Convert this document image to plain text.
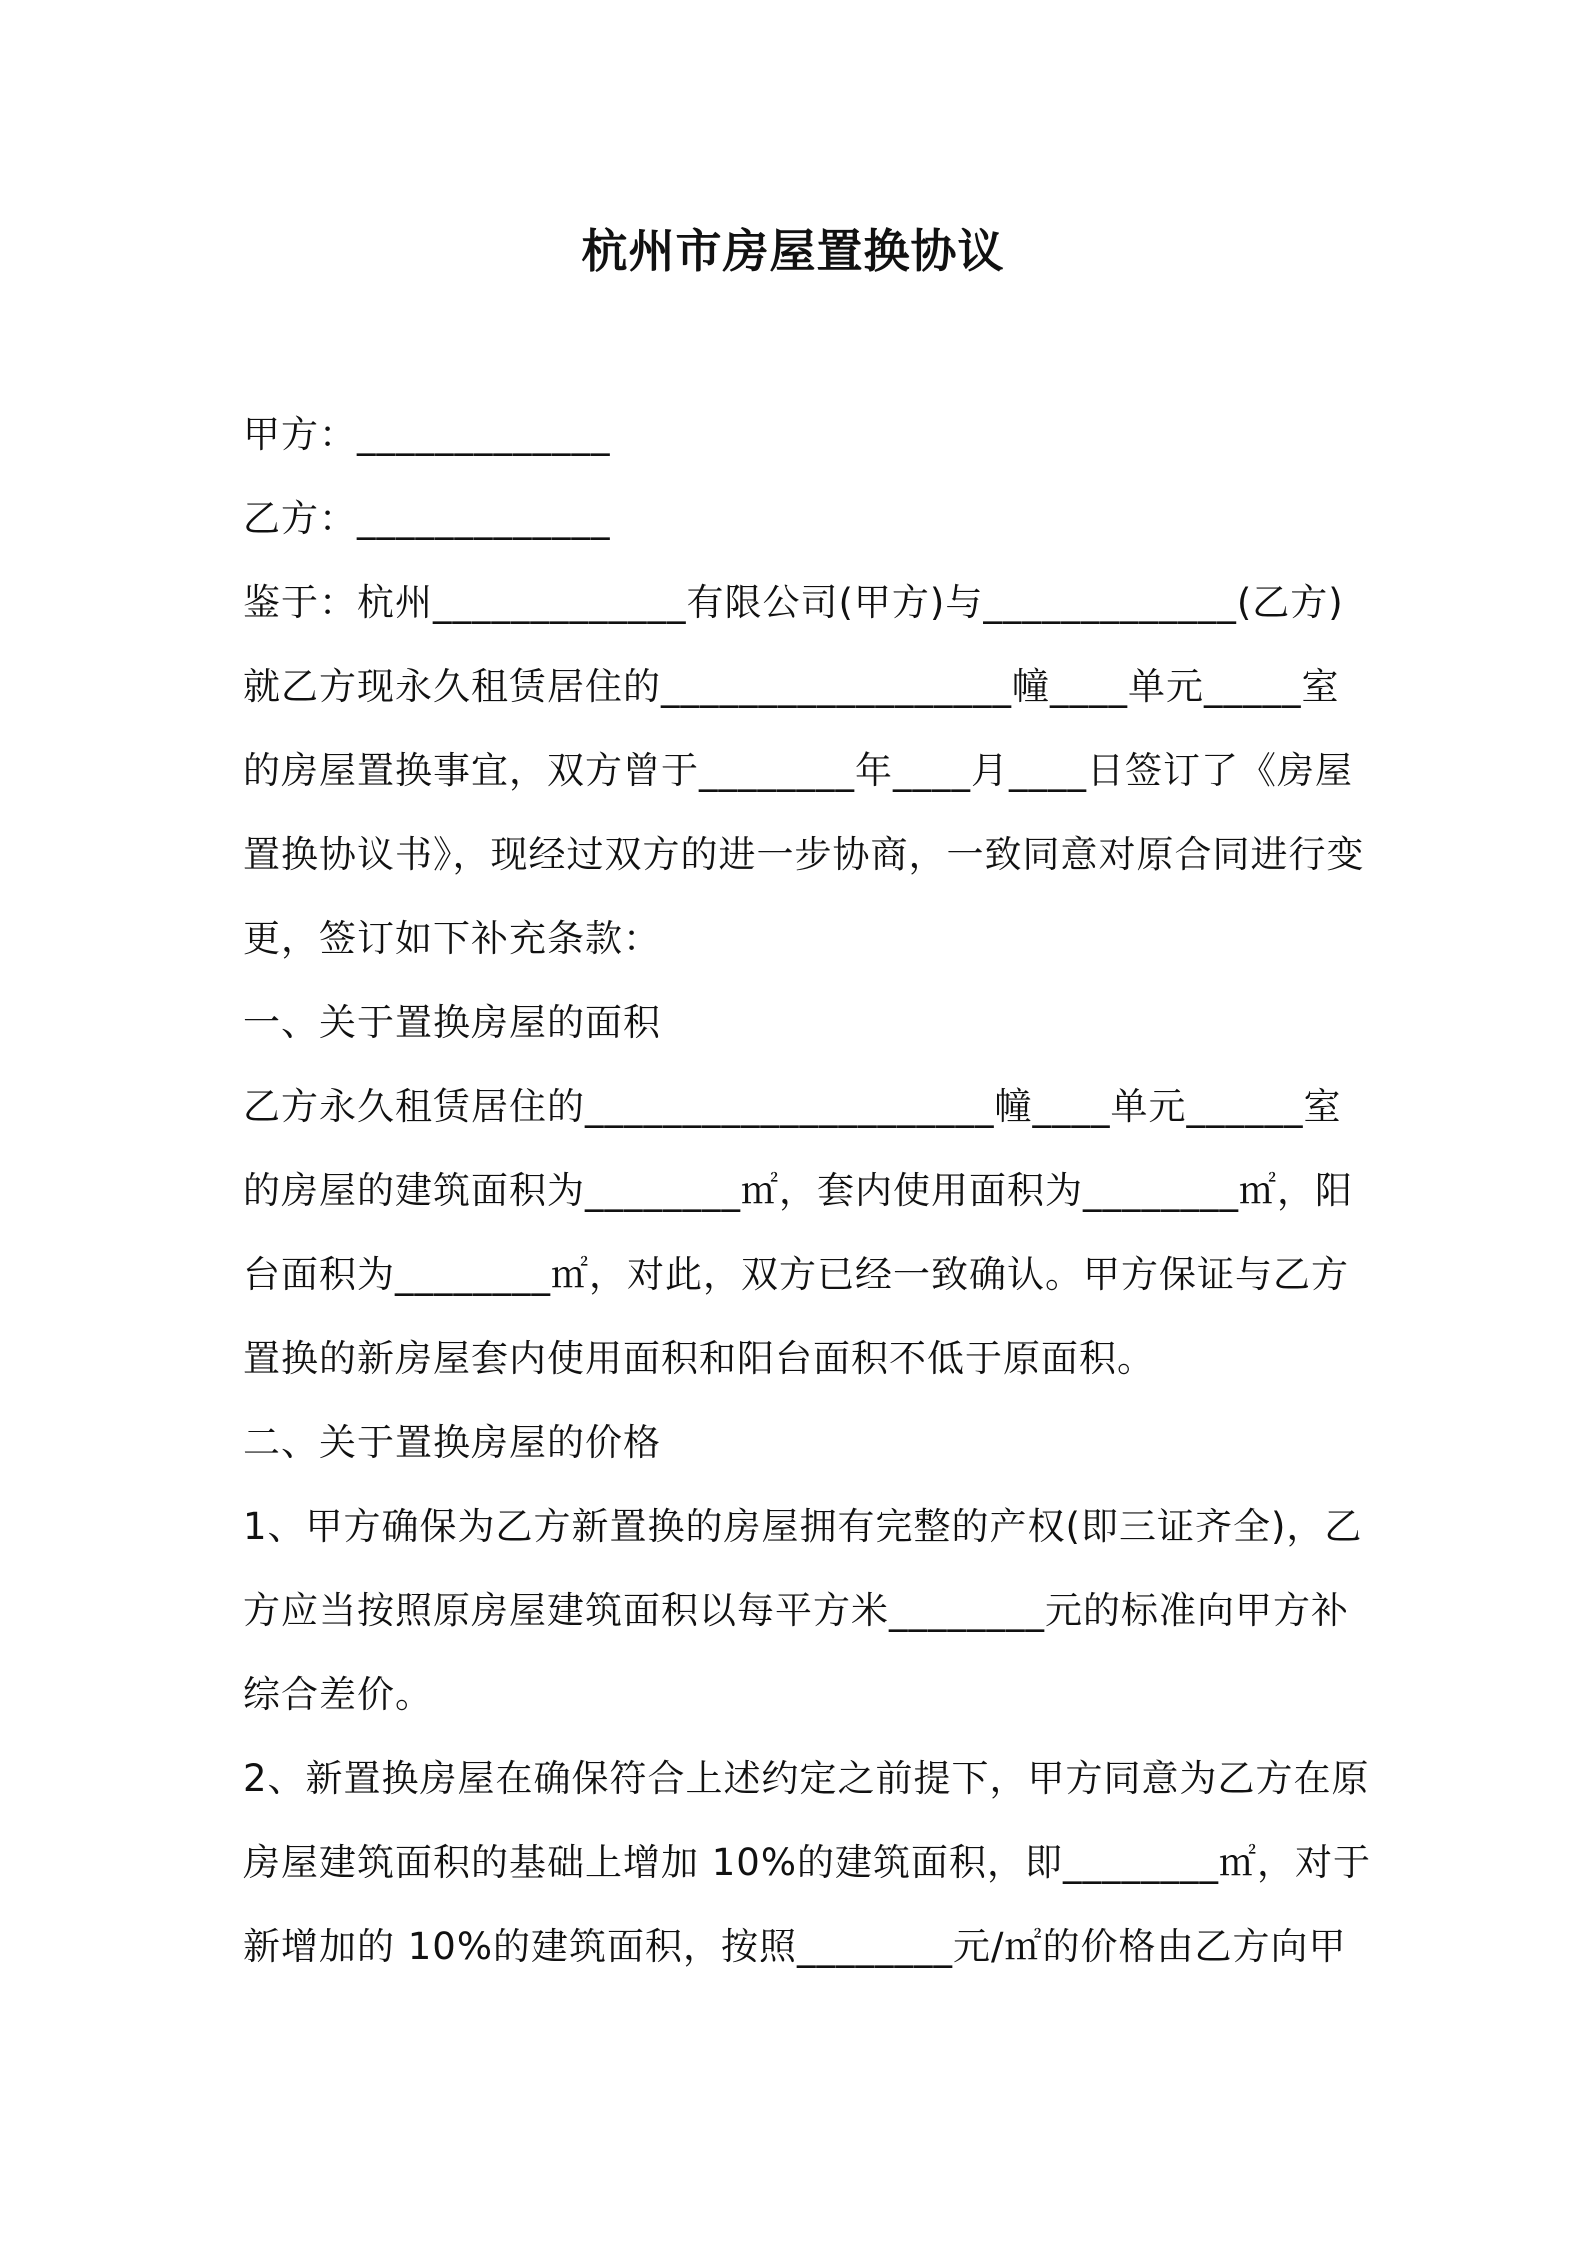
杭州市房屋置换协议
甲方：_____________
乙方：_____________
鉴于：杭州_____________有限公司(甲方)与_____________(乙方)
就乙方现永久租赁居住的__________________幢____单元_____室
的房屋置换事宜，双方曾于________年____月____日签订了《房屋
置换协议书》，现经过双方的进一步协商，一致同意对原合同进行变
更，签订如下补充条款：
一、关于置换房屋的面积
乙方永久租赁居住的_____________________幢____单元______室
的房屋的建筑面积为________㎡，套内使用面积为________㎡，阳
台面积为________㎡，对此，双方已经一致确认。甲方保证与乙方
置换的新房屋套内使用面积和阳台面积不低于原面积。
二、关于置换房屋的价格
1、甲方确保为乙方新置换的房屋拥有完整的产权(即三证齐全)，乙
方应当按照原房屋建筑面积以每平方米________元的标准向甲方补
综合差价。
2、新置换房屋在确保符合上述约定之前提下，甲方同意为乙方在原
房屋建筑面积的基础上增加 10%的建筑面积，即________㎡，对于
新增加的 10%的建筑面积，按照________元/㎡的价格由乙方向甲
